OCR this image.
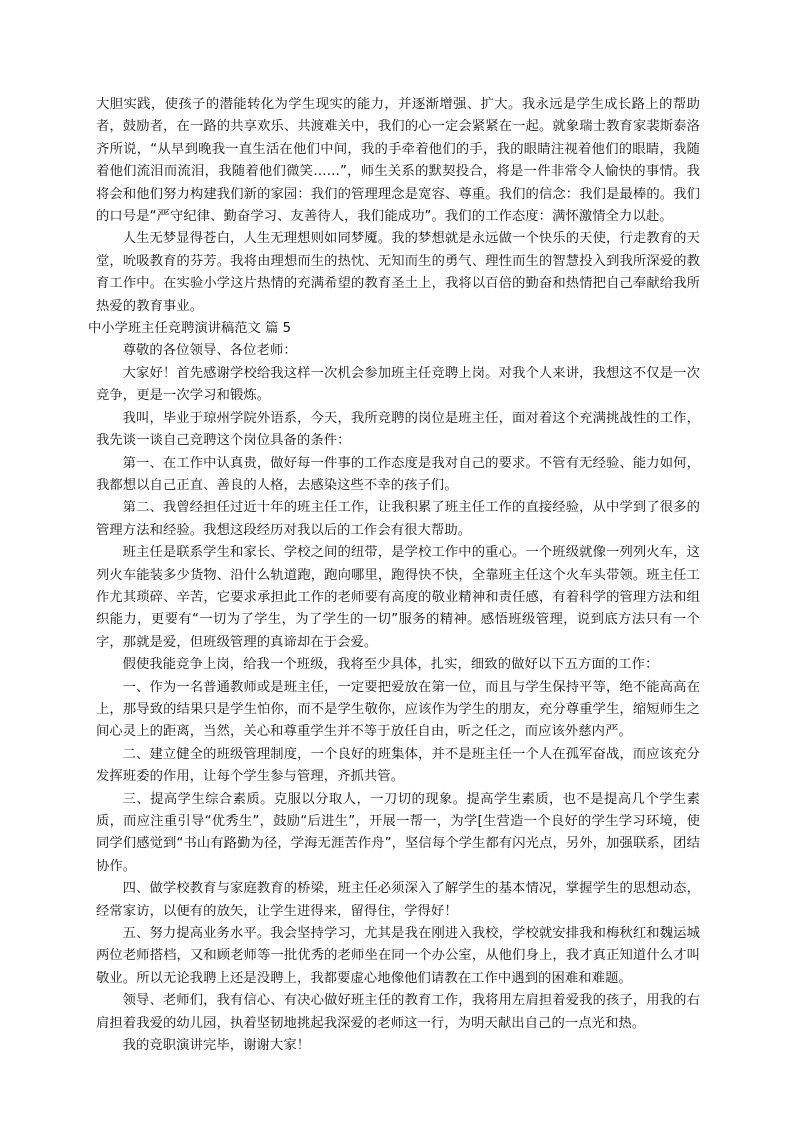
大胆实践，使孩子的潜能转化为学生现实的能力，并逐渐增强、扩大。我永远是学生成长路上的帮助者，鼓励者，在一路的共享欢乐、共渡难关中，我们的心一定会紧紧在一起。就象瑞士教育家裴斯泰洛齐所说，“从早到晚我一直生活在他们中间，我的手牵着他们的手，我的眼睛注视着他们的眼睛，我随着他们流泪而流泪，我随着他们微笑……”，师生关系的默契投合，将是一件非常令人愉快的事情。我将会和他们努力构建我们新的家园：我们的管理理念是宽容、尊重。我们的信念：我们是最棒的。我们的口号是“严守纪律、勤奋学习、友善待人，我们能成功”。我们的工作态度：满怀激情全力以赴。

人生无梦显得苍白，人生无理想则如同梦魇。我的梦想就是永远做一个快乐的天使，行走教育的天堂，吮吸教育的芬芳。我将由理想而生的热忱、无知而生的勇气、理性而生的智慧投入到我所深爱的教育工作中。在实验小学这片热情的充满希望的教育圣土上，我将以百倍的勤奋和热情把自己奉献给我所热爱的教育事业。

中小学班主任竞聘演讲稿范文 篇 5

尊敬的各位领导、各位老师：

大家好！首先感谢学校给我这样一次机会参加班主任竞聘上岗。对我个人来讲，我想这不仅是一次竞争，更是一次学习和锻炼。

我叫，毕业于琼州学院外语系，今天，我所竞聘的岗位是班主任，面对着这个充满挑战性的工作，我先谈一谈自己竞聘这个岗位具备的条件：

第一、在工作中认真贵，做好每一件事的工作态度是我对自己的要求。不管有无经验、能力如何，我都想以自己正直、善良的人格，去感染这些不幸的孩子们。

第二、我曾经担任过近十年的班主任工作，让我积累了班主任工作的直接经验，从中学到了很多的管理方法和经验。我想这段经历对我以后的工作会有很大帮助。

班主任是联系学生和家长、学校之间的纽带，是学校工作中的重心。一个班级就像一列列火车，这列火车能装多少货物、沿什么轨道跑，跑向哪里，跑得快不快，全靠班主任这个火车头带领。班主任工作尤其琐碎、辛苦，它要求承担此工作的老师要有高度的敬业精神和责任感，有着科学的管理方法和组织能力，更要有“一切为了学生，为了学生的一切”服务的精神。感悟班级管理，说到底方法只有一个字，那就是爱，但班级管理的真谛却在于会爱。

假使我能竞争上岗，给我一个班级，我将至少具体，扎实，细致的做好以下五方面的工作：

一、作为一名普通教师或是班主任，一定要把爱放在第一位，而且与学生保持平等，绝不能高高在上，那导致的结果只是学生怕你，而不是学生敬你，应该作为学生的朋友，充分尊重学生，缩短师生之间心灵上的距离，当然，关心和尊重学生并不等于放任自由，听之任之，而应该外慈内严。

二、建立健全的班级管理制度，一个良好的班集体，并不是班主任一个人在孤军奋战，而应该充分发挥班委的作用，让每个学生参与管理，齐抓共管。

三、提高学生综合素质。克服以分取人，一刀切的现象。提高学生素质，也不是提高几个学生素质，而应注重引导“优秀生”，鼓励“后进生”，开展一帮一，为学[生营造一个良好的学生学习环境，使同学们感觉到“书山有路勤为径，学海无涯苦作舟”，坚信每个学生都有闪光点，另外，加强联系，团结协作。

四、做学校教育与家庭教育的桥梁，班主任必须深入了解学生的基本情况，掌握学生的思想动态，经常家访，以便有的放矢，让学生进得来，留得住，学得好！

五、努力提高业务水平。我会坚持学习，尤其是我在刚进入我校，学校就安排我和梅秋红和魏运城两位老师搭档，又和顾老师等一批优秀的老师坐在同一个办公室，从他们身上，我才真正知道什么才叫敬业。所以无论我聘上还是没聘上，我都要虚心地像他们请教在工作中遇到的困难和难题。

领导、老师们，我有信心、有决心做好班主任的教育工作，我将用左肩担着爱我的孩子，用我的右肩担着我爱的幼儿园，执着坚韧地挑起我深爱的老师这一行，为明天献出自己的一点光和热。

我的竞职演讲完毕，谢谢大家！
